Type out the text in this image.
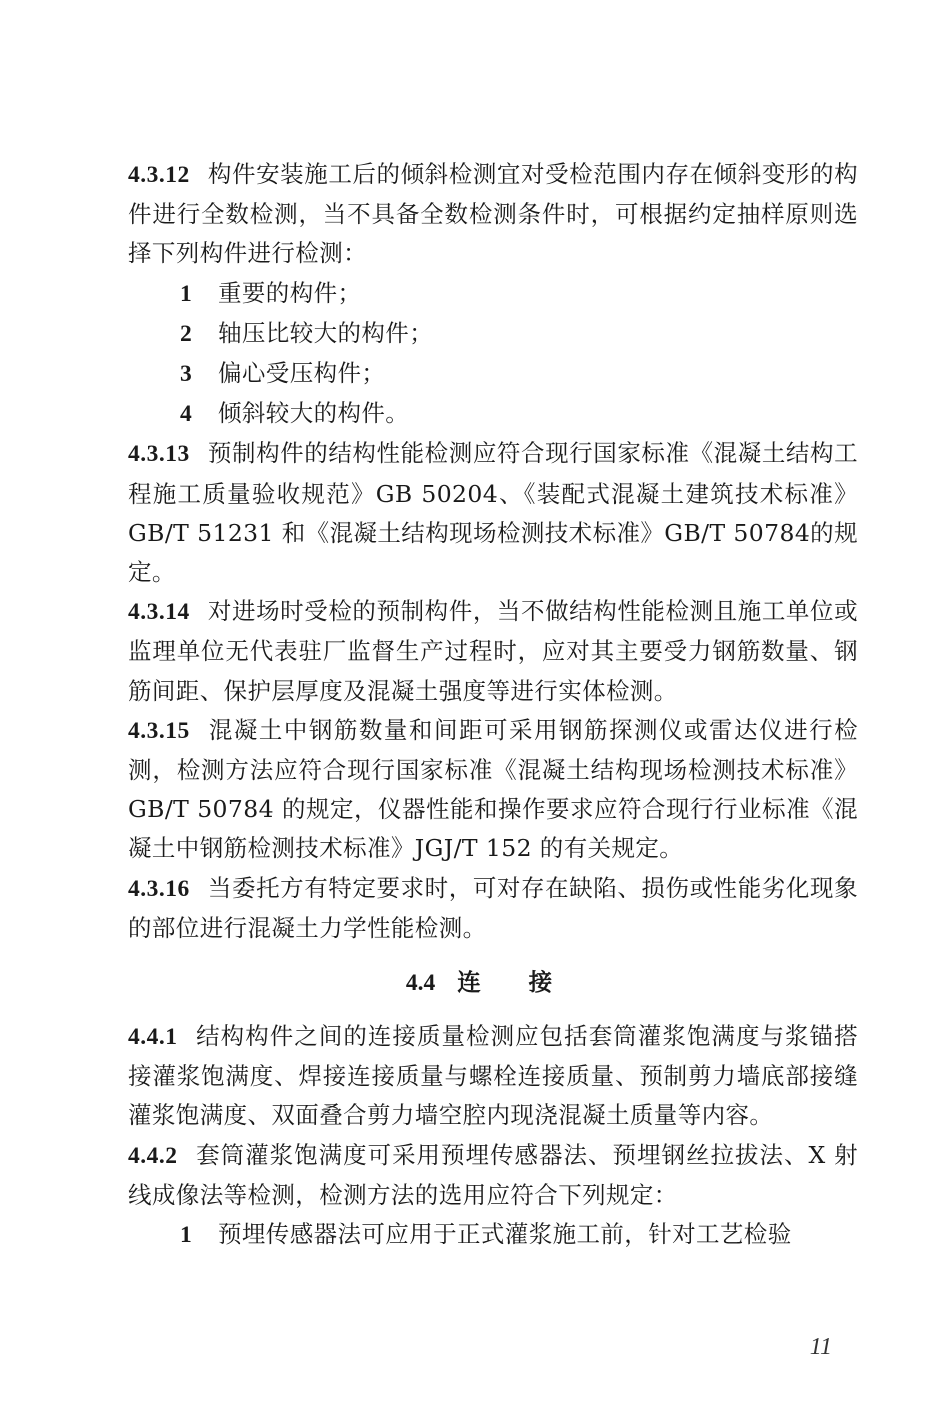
4.3.12 构件安装施工后的倾斜检测宜对受检范围内存在倾斜变形的构件进行全数检测，当不具备全数检测条件时，可根据约定抽样原则选择下列构件进行检测：

1 重要的构件；

2 轴压比较大的构件；

3 偏心受压构件；

4 倾斜较大的构件。

4.3.13 预制构件的结构性能检测应符合现行国家标准《混凝土结构工程施工质量验收规范》GB 50204、《装配式混凝土建筑技术标准》GB/T 51231 和《混凝土结构现场检测技术标准》GB/T 50784的规定。

4.3.14 对进场时受检的预制构件，当不做结构性能检测且施工单位或监理单位无代表驻厂监督生产过程时，应对其主要受力钢筋数量、钢筋间距、保护层厚度及混凝土强度等进行实体检测。

4.3.15 混凝土中钢筋数量和间距可采用钢筋探测仪或雷达仪进行检测，检测方法应符合现行国家标准《混凝土结构现场检测技术标准》GB/T 50784 的规定，仪器性能和操作要求应符合现行行业标准《混凝土中钢筋检测技术标准》JGJ/T 152 的有关规定。

4.3.16 当委托方有特定要求时，可对存在缺陷、损伤或性能劣化现象的部位进行混凝土力学性能检测。

4.4 连接

4.4.1 结构构件之间的连接质量检测应包括套筒灌浆饱满度与浆锚搭接灌浆饱满度、焊接连接质量与螺栓连接质量、预制剪力墙底部接缝灌浆饱满度、双面叠合剪力墙空腔内现浇混凝土质量等内容。

4.4.2 套筒灌浆饱满度可采用预埋传感器法、预埋钢丝拉拔法、X 射线成像法等检测，检测方法的选用应符合下列规定：

1 预埋传感器法可应用于正式灌浆施工前，针对工艺检验

11
